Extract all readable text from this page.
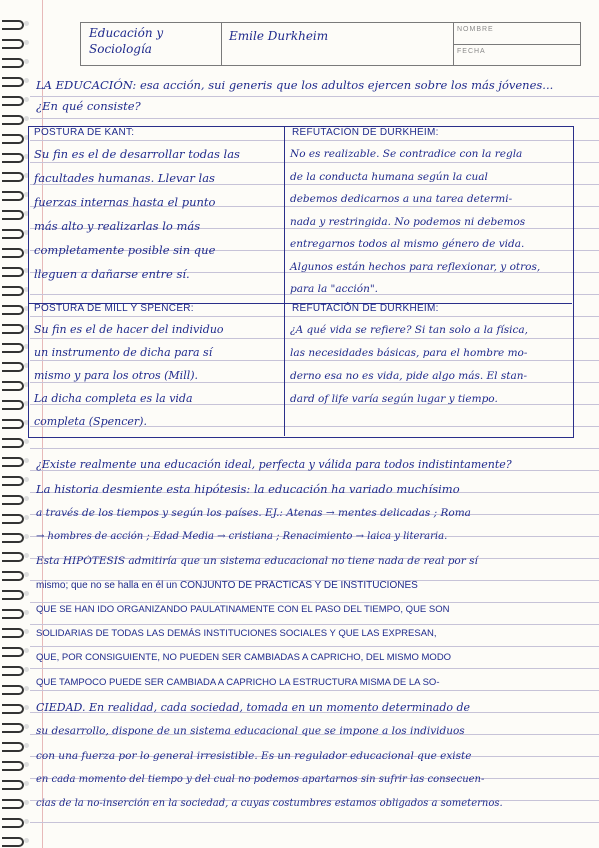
Educación y Sociología
Emile Durkheim	NOMBRE
FECHA
LA EDUCACIÓN: esa acción, sui generis que los adultos ejercen sobre los más jóvenes...
¿En qué consiste?
POSTURA DE KANT:
Su fin es el de desarrollar todas las
facultades humanas. Llevar las
fuerzas internas hasta el punto
más alto y realizarlas lo más
completamente posible sin que
lleguen a dañarse entre sí.
REFUTACIÓN DE DURKHEIM:
No es realizable. Se contradice con la regla
de la conducta humana según la cual
debemos dedicarnos a una tarea determi-
nada y restringida. No podemos ni debemos
entregarnos todos al mismo género de vida.
Algunos están hechos para reflexionar, y otros,
para la "acción".
POSTURA DE MILL Y SPENCER:
Su fin es el de hacer del individuo
un instrumento de dicha para sí
mismo y para los otros (Mill).
La dicha completa es la vida
completa (Spencer).
REFUTACIÓN DE DURKHEIM:
¿A qué vida se refiere? Si tan solo a la física,
las necesidades básicas, para el hombre mo-
derno esa no es vida, pide algo más. El stan-
dard of life varía según lugar y tiempo.
¿Existe realmente una educación ideal, perfecta y válida para todos indistintamente?
La historia desmiente esta hipótesis: la educación ha variado muchísimo
a través de los tiempos y según los países. EJ.: Atenas → mentes delicadas ; Roma
→ hombres de acción ; Edad Media → cristiana ; Renacimiento → laica y literaria.
Esta HIPÓTESIS admitiría que un sistema educacional no tiene nada de real por sí
mismo; que no se halla en él un CONJUNTO DE PRÁCTICAS Y DE INSTITUCIONES
QUE SE HAN IDO ORGANIZANDO PAULATINAMENTE CON EL PASO DEL TIEMPO, QUE SON
SOLIDARIAS DE TODAS LAS DEMÁS INSTITUCIONES SOCIALES Y QUE LAS EXPRESAN,
QUE, POR CONSIGUIENTE, NO PUEDEN SER CAMBIADAS A CAPRICHO, DEL MISMO MODO
QUE TAMPOCO PUEDE SER CAMBIADA A CAPRICHO LA ESTRUCTURA MISMA DE LA SO-
CIEDAD. En realidad, cada sociedad, tomada en un momento determinado de
su desarrollo, dispone de un sistema educacional que se impone a los individuos
con una fuerza por lo general irresistible. Es un regulador educacional que existe
en cada momento del tiempo y del cual no podemos apartarnos sin sufrir las consecuen-
cias de la no-inserción en la sociedad, a cuyas costumbres estamos obligados a someternos.
